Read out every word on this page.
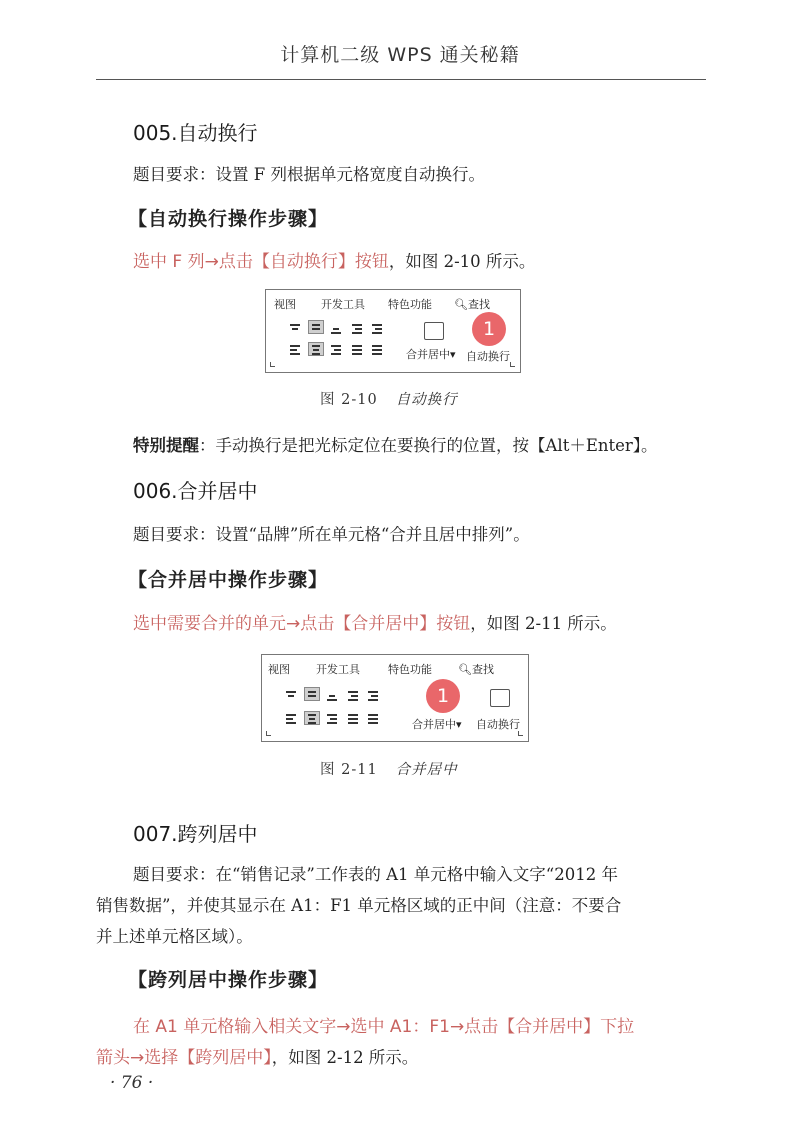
计算机二级 WPS 通关秘籍
005.自动换行
题目要求：设置 F 列根据单元格宽度自动换行。
【自动换行操作步骤】
选中 F 列→点击【自动换行】按钮，如图 2-10 所示。
视图 开发工具 特色功能 🔍︎查找
合并居中▾
1
自动换行
图 2-10 自动换行
特别提醒：手动换行是把光标定位在要换行的位置，按【Alt＋Enter】。
006.合并居中
题目要求：设置“品牌”所在单元格“合并且居中排列”。
【合并居中操作步骤】
选中需要合并的单元→点击【合并居中】按钮，如图 2-11 所示。
视图 开发工具	特色功能 🔍︎查找
1
合并居中▾ 自动换行
图 2-11 合并居中
007.跨列居中
题目要求：在“销售记录”工作表的 A1 单元格中输入文字“2012 年
销售数据”，并使其显示在 A1：F1 单元格区域的正中间（注意：不要合
并上述单元格区域）。
【跨列居中操作步骤】
在 A1 单元格输入相关文字→选中 A1：F1→点击【合并居中】下拉
箭头→选择【跨列居中】，如图 2-12 所示。
· 76 ·
